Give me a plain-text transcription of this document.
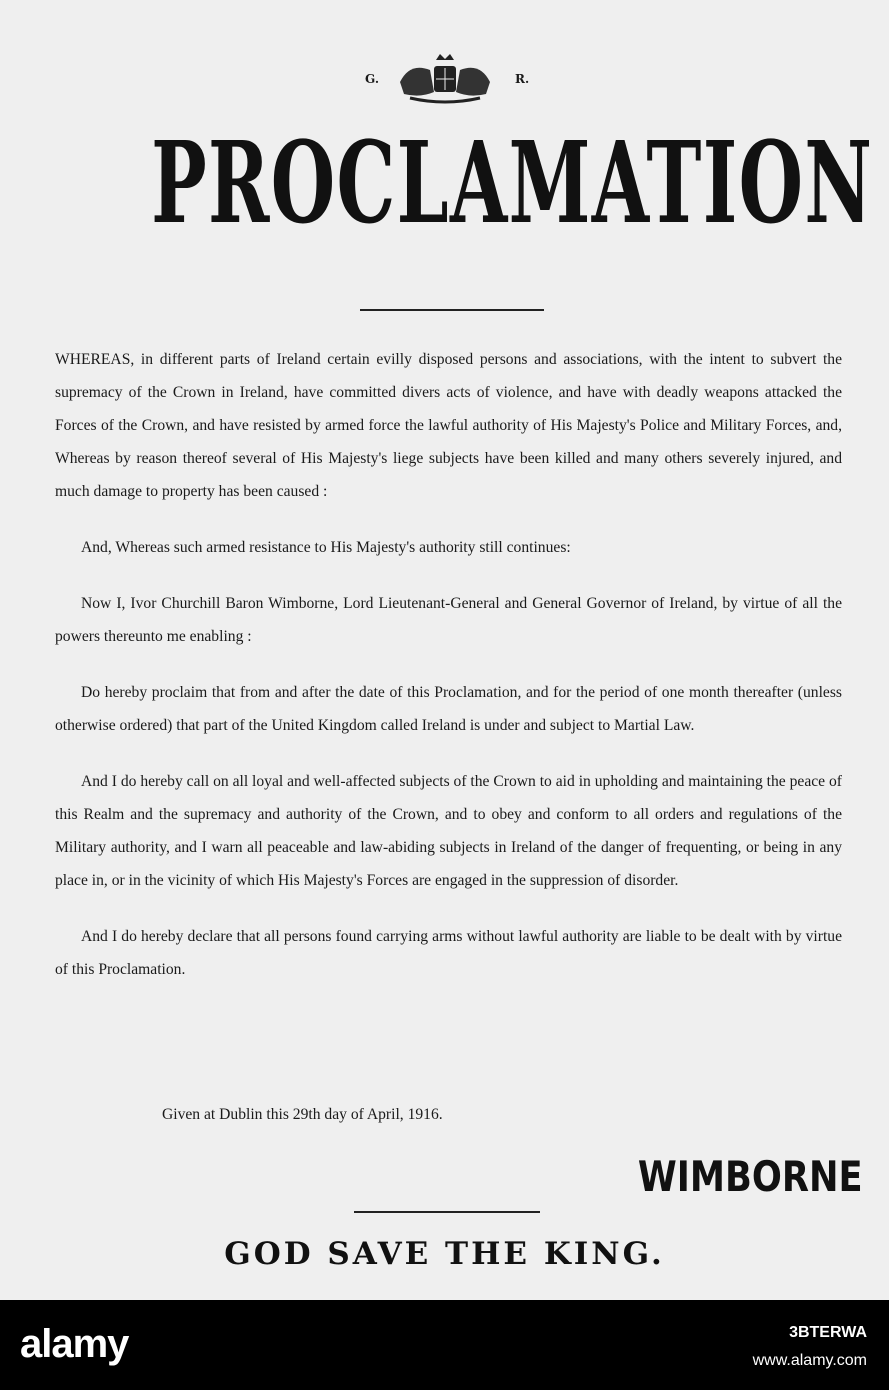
G.	R.
PROCLAMATION

WHEREAS, in different parts of Ireland certain evilly disposed persons and associations, with the intent to subvert the supremacy of the Crown in Ireland, have committed divers acts of violence, and have with deadly weapons attacked the Forces of the Crown, and have resisted by armed force the lawful authority of His Majesty's Police and Military Forces, and, Whereas by reason thereof several of His Majesty's liege subjects have been killed and many others severely injured, and much damage to property has been caused :

And, Whereas such armed resistance to His Majesty's authority still continues:

Now I, Ivor Churchill Baron Wimborne, Lord Lieutenant-General and General Governor of Ireland, by virtue of all the powers thereunto me enabling :

Do hereby proclaim that from and after the date of this Proclamation, and for the period of one month thereafter (unless otherwise ordered) that part of the United Kingdom called Ireland is under and subject to Martial Law.

And I do hereby call on all loyal and well-affected subjects of the Crown to aid in upholding and maintaining the peace of this Realm and the supremacy and authority of the Crown, and to obey and conform to all orders and regulations of the Military authority, and I warn all peaceable and law-abiding subjects in Ireland of the danger of frequenting, or being in any place in, or in the vicinity of which His Majesty's Forces are engaged in the suppression of disorder.

And I do hereby declare that all persons found carrying arms without lawful authority are liable to be dealt with by virtue of this Proclamation.

Given at Dublin this 29th day of April, 1916.
WIMBORNE
GOD SAVE THE KING.
alamy	3BTERWA
www.alamy.com
